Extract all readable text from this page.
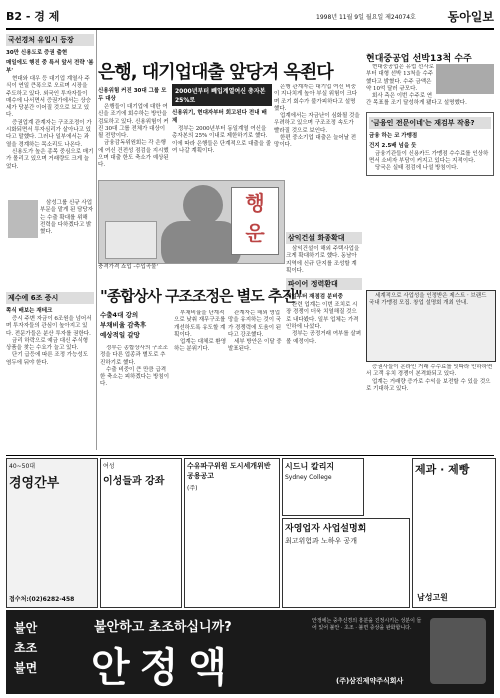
B2 - 경 제	1998년 11월 9일 월요일 제24074호	동아일보
국선경처 유입시 등장
30만 신용도로 증권 출현
매일에도 행진 중 특서 앞서 전략 '봄부'

현대와 대우 등 대기업 계열사 주식이 연일 큰폭으로 오르며 시장을 주도하고 있다. 외국인 투자자들이 매수에 나서면서 증권가에서는 상승세가 당분간 이어질 것으로 보고 있다.

증권업계 관계자는 구조조정이 가시화되면서 투자심리가 살아나고 있다고 말했다. 그러나 일부에서는 과열을 경계하는 목소리도 나온다.

신용도가 높은 종목 중심으로 매기가 몰리고 있으며 거래량도 크게 늘었다.

삼성그룹 신규 사업부문을 맡게 된 담당자는 수출 확대를 위해 전력을 다하겠다고 밝혔다.

은행, 대기업대출 앞당겨 옥죈다
현대중공업 선박13척 수주
신용위험 커진 30대 그룹 모두 대상

은행들이 대기업에 대한 여신을 조기에 회수하는 방안을 검토하고 있다. 신용위험이 커진 30대 그룹 전체가 대상이 될 전망이다.

금융감독위원회는 각 은행에 여신 건전성 점검을 지시했으며 대출 한도 축소가 예상된다.

2000년부터 빼입계열여신 총자본 25%로
신용위기, 현대자부터 회고된다 전내 배제

정부는 2000년부터 동일계열 여신을 총자본의 25% 이내로 제한하기로 했다. 이에 따라 은행들은 단계적으로 대출을 줄여 나갈 계획이다.

은행 관계자는 대기업 여신 비중이 지나치게 높아 부실 위험이 크다며 조기 회수가 불가피하다고 설명했다.

업계에서는 자금난이 심화될 것을 우려하고 있으며 구조조정 속도가 빨라질 것으로 보인다.

한편 중소기업 대출은 늘어날 전망이다.

현대중공업은 유럽 선사로부터 대형 선박 13척을 수주했다고 밝혔다. 수주 금액은 약 10억 달러 규모다.

회사 측은 이번 수주로 연간 목표를 조기 달성하게 됐다고 설명했다.

'금융인 전문이네'는 재검부 작용?
금융 하는 코 가맹점
건지 2.5배 넘을 듯

금융기관들이 신용카드 가맹점 수수료를 인상하면서 소비자 부담이 커지고 있다는 지적이다.

당국은 실태 점검에 나설 방침이다.

행
운
충격가격 쇼입 -수입곡물'
삼익건설 화종확대

삼익건설이 해외 주택사업을 크게 확대하기로 했다. 동남아 지역에 신규 단지를 조성할 계획이다.

파이어 정력환대
내일부터 재점검 분비중

관련 업계는 이번 조치로 시장 경쟁이 더욱 치열해질 것으로 내다봤다. 일부 업체는 가격 인하에 나섰다.

정부는 공정거래 여부를 살펴볼 예정이다.

세계적으로 사업성을 인정받은 제스트 · 브랜드 국내 가맹점 모집. 창업 설명회 개최 안내.

증권사들이 온라인 거래 수수료를 잇따라 인하하면서 고객 유치 경쟁이 본격화되고 있다.

업계는 거래량 증가로 수익을 보전할 수 있을 것으로 기대하고 있다.

제수에 6조 증시
쪽식 배보는 재테크

증시 주변 자금이 6조원을 넘어서며 투자자들의 관심이 높아지고 있다. 전문가들은 분산 투자를 권한다.

금리 하락으로 예금 대신 주식형 상품을 찾는 수요가 늘고 있다.

단기 급등에 따른 조정 가능성도 염두에 둬야 한다.

"종합상사 구조조정은 별도 추진"
수출4대 강의
부채비율 감축후
예상적일 갈망

정부는 종합상사의 구조조정을 다른 업종과 별도로 추진하기로 했다.

수출 비중이 큰 만큼 급격한 축소는 피하겠다는 방침이다.

부채비율을 단계적으로 낮춰 재무구조를 개선하도록 유도할 계획이다.

업계는 대체로 환영하는 분위기다.

관계자는 해외 영업망을 유지하는 것이 국가 경쟁력에 도움이 된다고 강조했다.

세부 방안은 이달 중 발표된다.

40~50대
경영간부
접수처:(02)6282-458
여성
이성들과 강좌
수유파구위원 도시세개위반 공용공고
(주)
시드니 칼리지
Sydney College
자영업자 사업설명회
최고위험과 노하우 공개
제과 · 제빵
남성고원
불안
초조
불면
불안하고 초조하십니까?
안정액
안정에는 중추신경의 흥분을 진정시키는 성분이 들어 있어 불안 · 초조 · 불면 증상을 완화합니다.
(주)삼진제약주식회사
